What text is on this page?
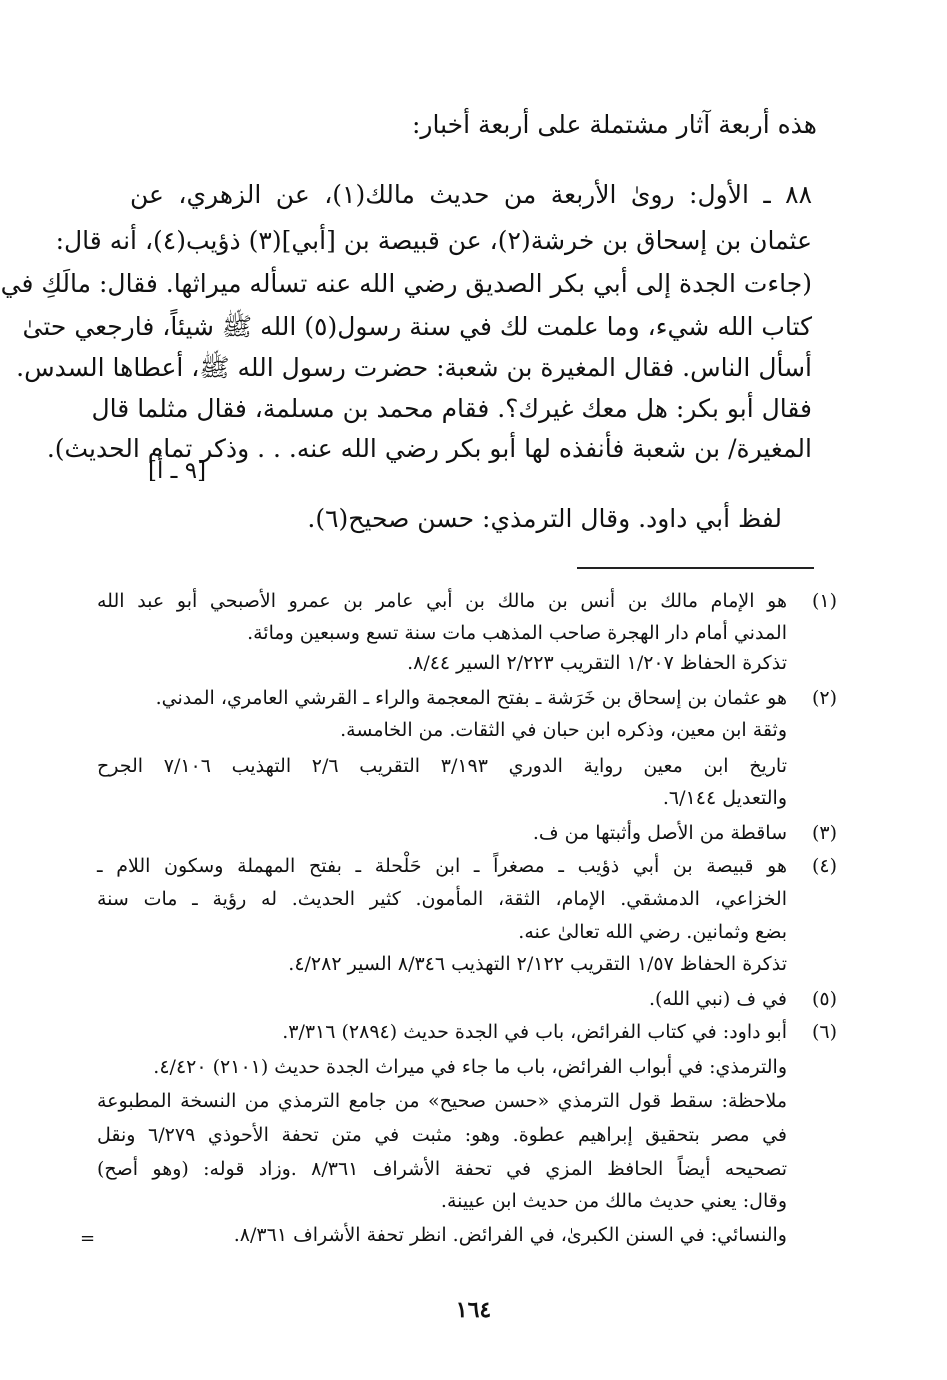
هذه أربعة آثار مشتملة على أربعة أخبار:
٨٨ ـ الأول: روىٰ الأربعة من حديث مالك(١)، عن الزهري، عن
عثمان بن إسحاق بن خرشة(٢)، عن قبيصة بن [أبي](٣) ذؤيب(٤)، أنه قال:
(جاءت الجدة إلى أبي بكر الصديق رضي الله عنه تسأله ميراثها. فقال: مالَكِ في
كتاب الله شيء، وما علمت لك في سنة رسول(٥) الله ﷺ شيئاً، فارجعي حتىٰ
أسأل الناس. فقال المغيرة بن شعبة: حضرت رسول الله ﷺ، أعطاها السدس.
فقال أبو بكر: هل معك غيرك؟. فقام محمد بن مسلمة، فقال مثلما قال
المغيرة/ بن شعبة فأنفذه لها أبو بكر رضي الله عنه. . . وذكر تمام الحديث).
[٩ ـ أ]
لفظ أبي داود. وقال الترمذي: حسن صحيح(٦).
(١)
هو الإمام مالك بن أنس بن مالك بن أبي عامر بن عمرو الأصبحي أبو عبد الله
المدني أمام دار الهجرة صاحب المذهب مات سنة تسع وسبعين ومائة.
تذكرة الحفاظ ١/٢٠٧ التقريب ٢/٢٢٣ السير ٨/٤٤.
(٢)
هو عثمان بن إسحاق بن خَرَشة ـ بفتح المعجمة والراء ـ القرشي العامري، المدني.
وثقة ابن معين، وذكره ابن حبان في الثقات. من الخامسة.
تاريخ ابن معين رواية الدوري ٣/١٩٣ التقريب ٢/٦ التهذيب ٧/١٠٦ الجرح
والتعديل ٦/١٤٤.
(٣)
ساقطة من الأصل وأثبتها من ف.
(٤)
هو قبيصة بن أبي ذؤيب ـ مصغراً ـ ابن حَلْحلة ـ بفتح المهملة وسكون اللام ـ
الخزاعي، الدمشقي. الإمام، الثقة، المأمون. كثير الحديث. له رؤية ـ مات سنة
بضع وثمانين. رضي الله تعالىٰ عنه.
تذكرة الحفاظ ١/٥٧ التقريب ٢/١٢٢ التهذيب ٨/٣٤٦ السير ٤/٢٨٢.
(٥)
في ف (نبي الله).
(٦)
أبو داود: في كتاب الفرائض، باب في الجدة حديث (٢٨٩٤) ٣/٣١٦.
والترمذي: في أبواب الفرائض، باب ما جاء في ميراث الجدة حديث (٢١٠١) ٤/٤٢٠.
ملاحظة: سقط قول الترمذي «حسن صحيح» من جامع الترمذي من النسخة المطبوعة
في مصر بتحقيق إبراهيم عطوة. وهو: مثبت في متن تحفة الأحوذي ٦/٢٧٩ ونقل
تصحيحه أيضاً الحافظ المزي في تحفة الأشراف ٨/٣٦١ .وزاد قوله: (وهو أصح)
وقال: يعني حديث مالك من حديث ابن عيينة.
والنسائي: في السنن الكبرىٰ، في الفرائض. انظر تحفة الأشراف ٨/٣٦١.
=
١٦٤
